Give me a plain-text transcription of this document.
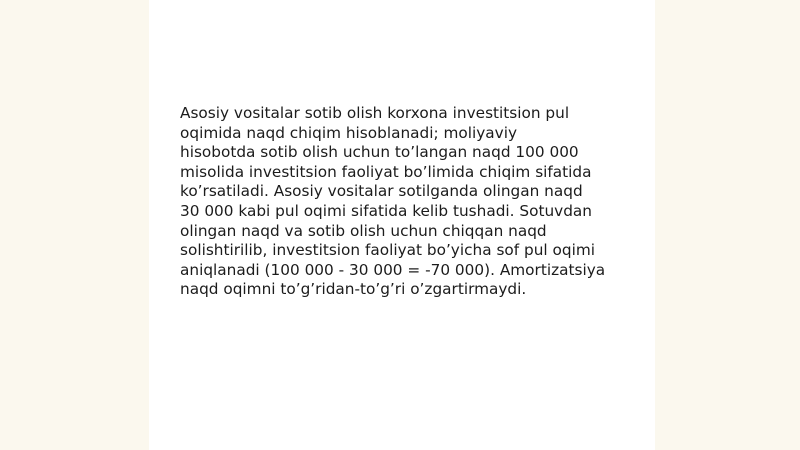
Asosiy vositalar sotib olish korxona investitsion pul
oqimida naqd chiqim hisoblanadi; moliyaviy
hisobotda sotib olish uchun to’langan naqd 100 000
misolida investitsion faoliyat bo’limida chiqim sifatida
ko’rsatiladi. Asosiy vositalar sotilganda olingan naqd
30 000 kabi pul oqimi sifatida kelib tushadi. Sotuvdan
olingan naqd va sotib olish uchun chiqqan naqd
solishtirilib, investitsion faoliyat bo’yicha sof pul oqimi
aniqlanadi (100 000 - 30 000 = -70 000). Amortizatsiya
naqd oqimni to’g’ridan-to’g’ri o’zgartirmaydi.
